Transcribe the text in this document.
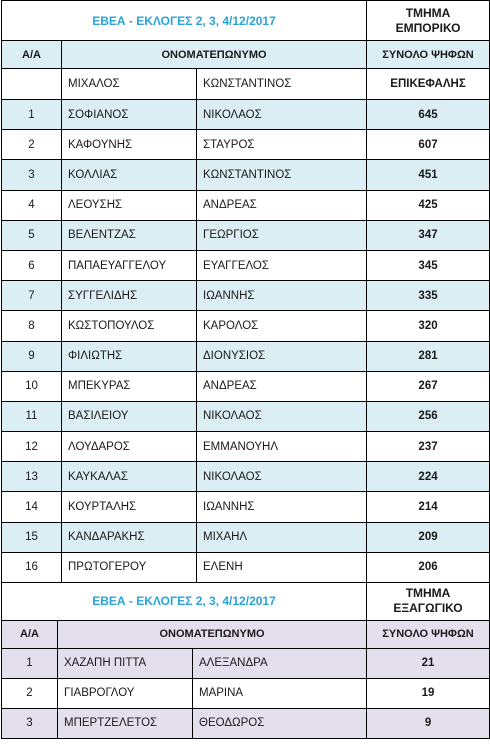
ΕΒΕΑ - ΕΚΛΟΓΕΣ 2, 3, 4/12/2017			ΤΜΗΜΑ
ΕΜΠΟΡΙΚΟ

Α/Α	ΟΝΟΜΑΤΕΠΩΝΥΜΟ		ΣΥΝΟΛΟ ΨΗΦΩΝ
	ΜΙΧΑΛΟΣ	ΚΩΝΣΤΑΝΤΙΝΟΣ	ΕΠΙΚΕΦΑΛΗΣ
1	ΣΟΦΙΑΝΟΣ	ΝΙΚΟΛΑΟΣ	645
2	ΚΑΦΟΥΝΗΣ	ΣΤΑΥΡΟΣ	607
3	ΚΟΛΛΙΑΣ	ΚΩΝΣΤΑΝΤΙΝΟΣ	451
4	ΛΕΟΥΣΗΣ	ΑΝΔΡΕΑΣ	425
5	ΒΕΛΕΝΤΖΑΣ	ΓΕΩΡΓΙΟΣ	347
6	ΠΑΠΑΕΥΑΓΓΕΛΟΥ	ΕΥΑΓΓΕΛΟΣ	345
7	ΣΥΓΓΕΛΙΔΗΣ	ΙΩΑΝΝΗΣ	335
8	ΚΩΣΤΟΠΟΥΛΟΣ	ΚΑΡΟΛΟΣ	320
9	ΦΙΛΙΩΤΗΣ	ΔΙΟΝΥΣΙΟΣ	281
10	ΜΠΕΚΥΡΑΣ	ΑΝΔΡΕΑΣ	267
11	ΒΑΣΙΛΕΙΟΥ	ΝΙΚΟΛΑΟΣ	256
12	ΛΟΥΔΑΡΟΣ	ΕΜΜΑΝΟΥΗΛ	237
13	ΚΑΥΚΑΛΑΣ	ΝΙΚΟΛΑΟΣ	224
14	ΚΟΥΡΤΑΛΗΣ	ΙΩΑΝΝΗΣ	214
15	ΚΑΝΔΑΡΑΚΗΣ	ΜΙΧΑΗΛ	209
16	ΠΡΩΤΟΓΕΡΟΥ	ΕΛΕΝΗ	206
ΕΒΕΑ - ΕΚΛΟΓΕΣ 2, 3, 4/12/2017			ΤΜΗΜΑ
ΕΞΑΓΩΓΙΚΟ

Α/Α	ΟΝΟΜΑΤΕΠΩΝΥΜΟ		ΣΥΝΟΛΟ ΨΗΦΩΝ
1	ΧΑΖΑΠΗ ΠΙΤΤΑ	ΑΛΕΞΑΝΔΡΑ	21
2	ΓΙΑΒΡΟΓΛΟΥ	ΜΑΡΙΝΑ	19
3	ΜΠΕΡΤΖΕΛΕΤΟΣ	ΘΕΟΔΩΡΟΣ	9
